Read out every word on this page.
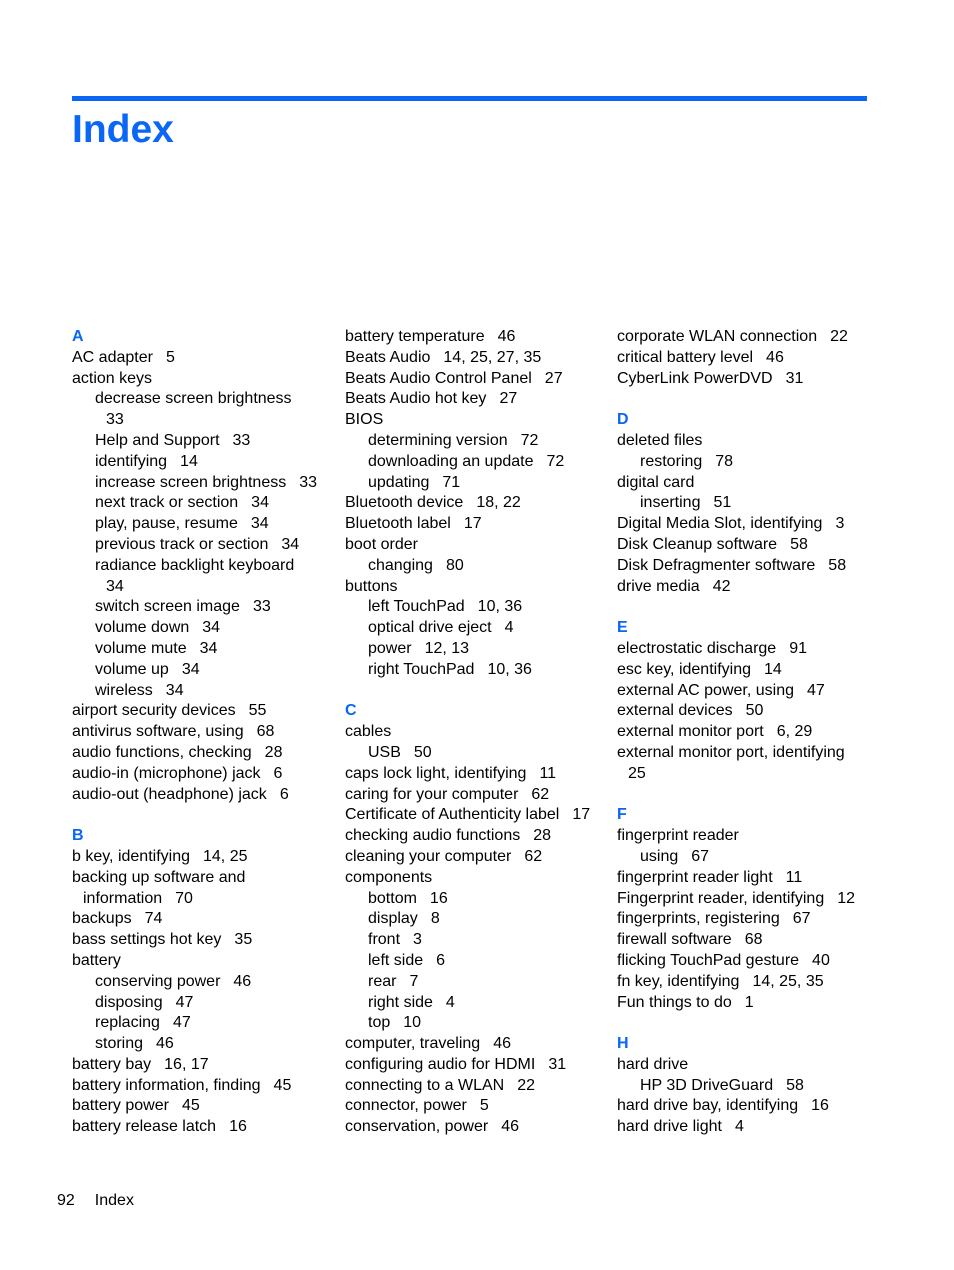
Index
A
AC adapter 5
action keys
decrease screen brightness
33
Help and Support 33
identifying 14
increase screen brightness 33
next track or section 34
play, pause, resume 34
previous track or section 34
radiance backlight keyboard
34
switch screen image 33
volume down 34
volume mute 34
volume up 34
wireless 34
airport security devices 55
antivirus software, using 68
audio functions, checking 28
audio-in (microphone) jack 6
audio-out (headphone) jack 6
B
b key, identifying 14, 25
backing up software and
information 70
backups 74
bass settings hot key 35
battery
conserving power 46
disposing 47
replacing 47
storing 46
battery bay 16, 17
battery information, finding 45
battery power 45
battery release latch 16
battery temperature 46
Beats Audio 14, 25, 27, 35
Beats Audio Control Panel 27
Beats Audio hot key 27
BIOS
determining version 72
downloading an update 72
updating 71
Bluetooth device 18, 22
Bluetooth label 17
boot order
changing 80
buttons
left TouchPad 10, 36
optical drive eject 4
power 12, 13
right TouchPad 10, 36
C
cables
USB 50
caps lock light, identifying 11
caring for your computer 62
Certificate of Authenticity label 17
checking audio functions 28
cleaning your computer 62
components
bottom 16
display 8
front 3
left side 6
rear 7
right side 4
top 10
computer, traveling 46
configuring audio for HDMI 31
connecting to a WLAN 22
connector, power 5
conservation, power 46
corporate WLAN connection 22
critical battery level 46
CyberLink PowerDVD 31
D
deleted files
restoring 78
digital card
inserting 51
Digital Media Slot, identifying 3
Disk Cleanup software 58
Disk Defragmenter software 58
drive media 42
E
electrostatic discharge 91
esc key, identifying 14
external AC power, using 47
external devices 50
external monitor port 6, 29
external monitor port, identifying
25
F
fingerprint reader
using 67
fingerprint reader light 11
Fingerprint reader, identifying 12
fingerprints, registering 67
firewall software 68
flicking TouchPad gesture 40
fn key, identifying 14, 25, 35
Fun things to do 1
H
hard drive
HP 3D DriveGuard 58
hard drive bay, identifying 16
hard drive light 4
92 Index
